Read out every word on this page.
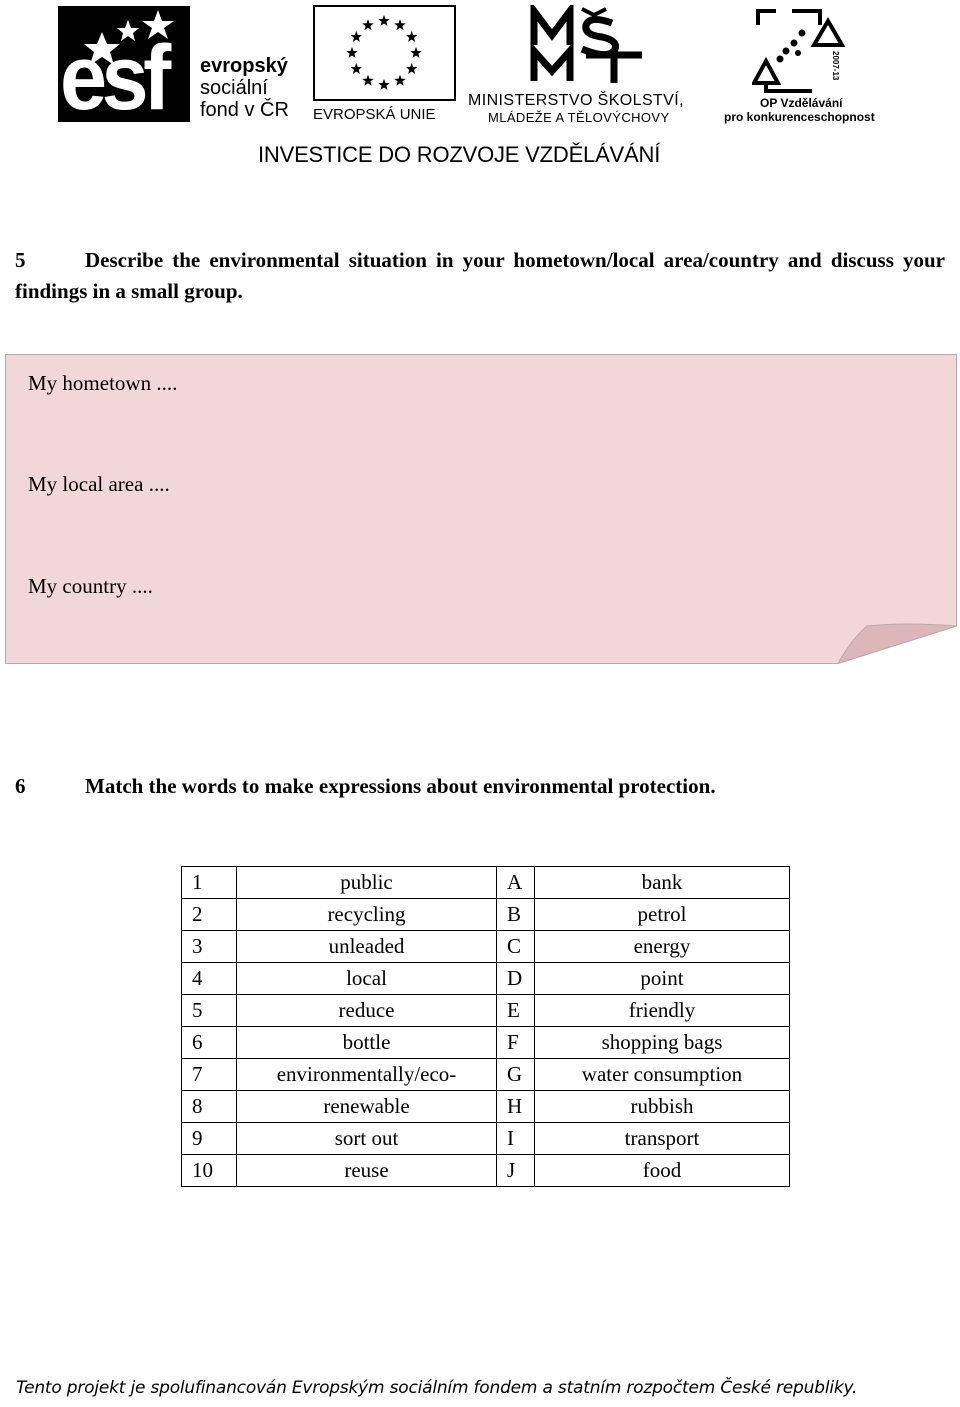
esf evropský
sociální
fond v ČR EVROPSKÁ UNIE
MINISTERSTVO ŠKOLSTVÍ,
MLÁDEŽE A TĚLOVÝCHOVY
2007-13
OP Vzdělávání
pro konkurenceschopnost
INVESTICE DO ROZVOJE VZDĚLÁVÁNÍ
5	Describe the environmental situation in your hometown/local area/country and discuss your findings in a small group.
My hometown ....
My local area ....
My country ....
6	Match the words to make expressions about environmental protection.
1	public	A	bank
2	recycling	B	petrol
3	unleaded	C	energy
4	local	D	point
5	reduce	E	friendly
6	bottle	F	shopping bags
7	environmentally/eco-	G	water consumption
8	renewable	H	rubbish
9	sort out	I	transport
10	reuse	J	food
Tento projekt je spolufinancován Evropským sociálním fondem a statním rozpočtem České republiky.
